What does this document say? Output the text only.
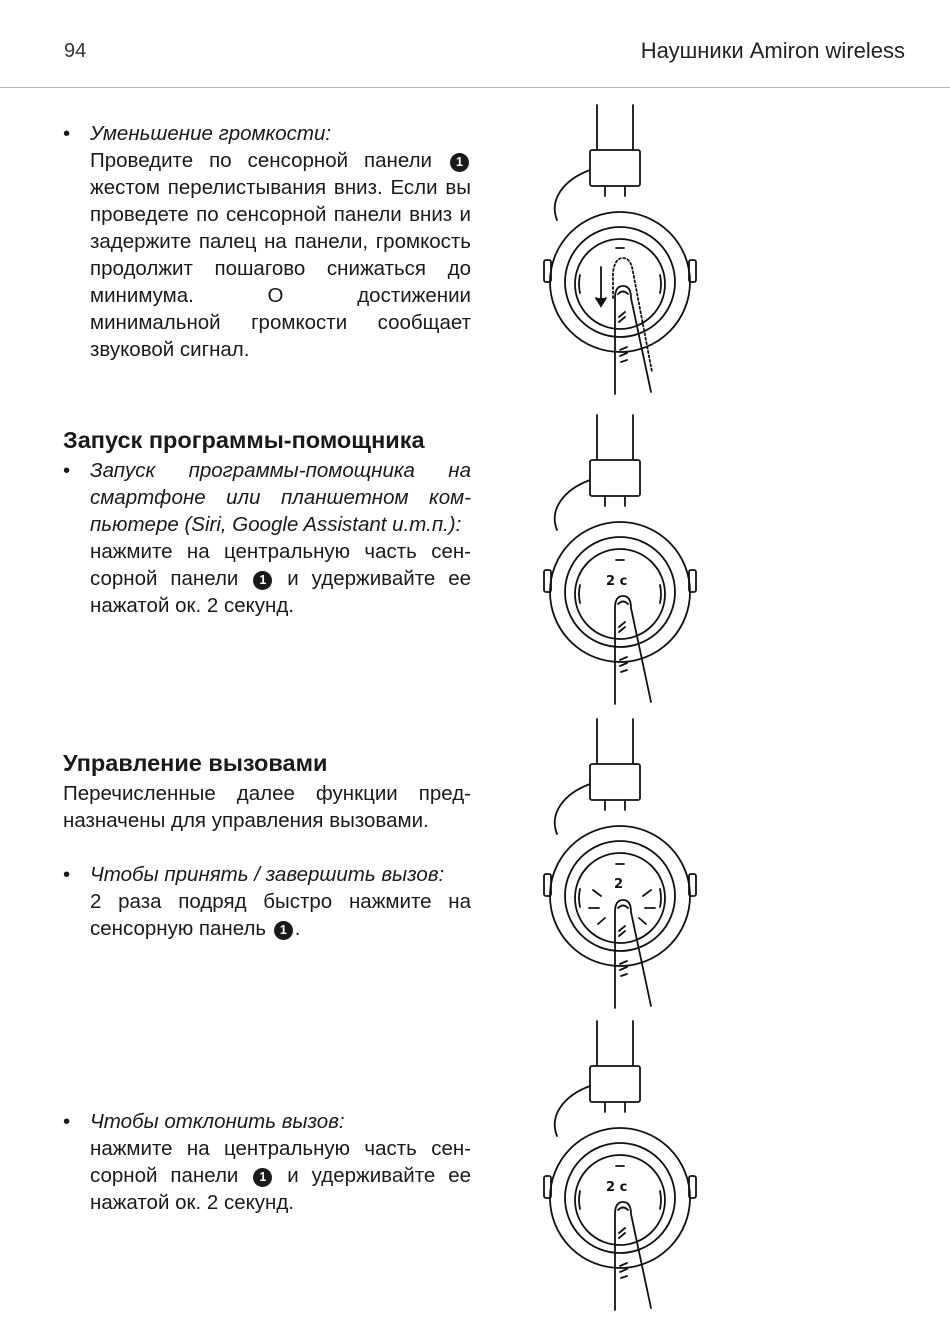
94	Наушники Amiron wireless
• Уменьшение громкости:
Проведите по сенсорной панели 1 жестом перелистывания вниз. Если вы проведете по сенсорной панели вниз и задержите палец на панели, громкость продолжит пошагово снижаться до минимума. О достижении минимальной громкости сообщает звуковой сигнал.
Запуск программы-помощника
• Запуск программы-помощника на смартфоне или планшетном компьютере (Siri, Google Assistant и.т.п.):
нажмите на центральную часть сенсорной панели 1 и удерживайте ее нажатой ок. 2 секунд.
Управление вызовами
Перечисленные далее функции предназначены для управления вызовами.
• Чтобы принять / завершить вызов:
2 раза подряд быстро нажмите на сенсорную панель 1 .
• Чтобы отклонить вызов:
нажмите на центральную часть сенсорной панели 1 и удерживайте ее нажатой ок. 2 секунд.
2 с
2
2 с
